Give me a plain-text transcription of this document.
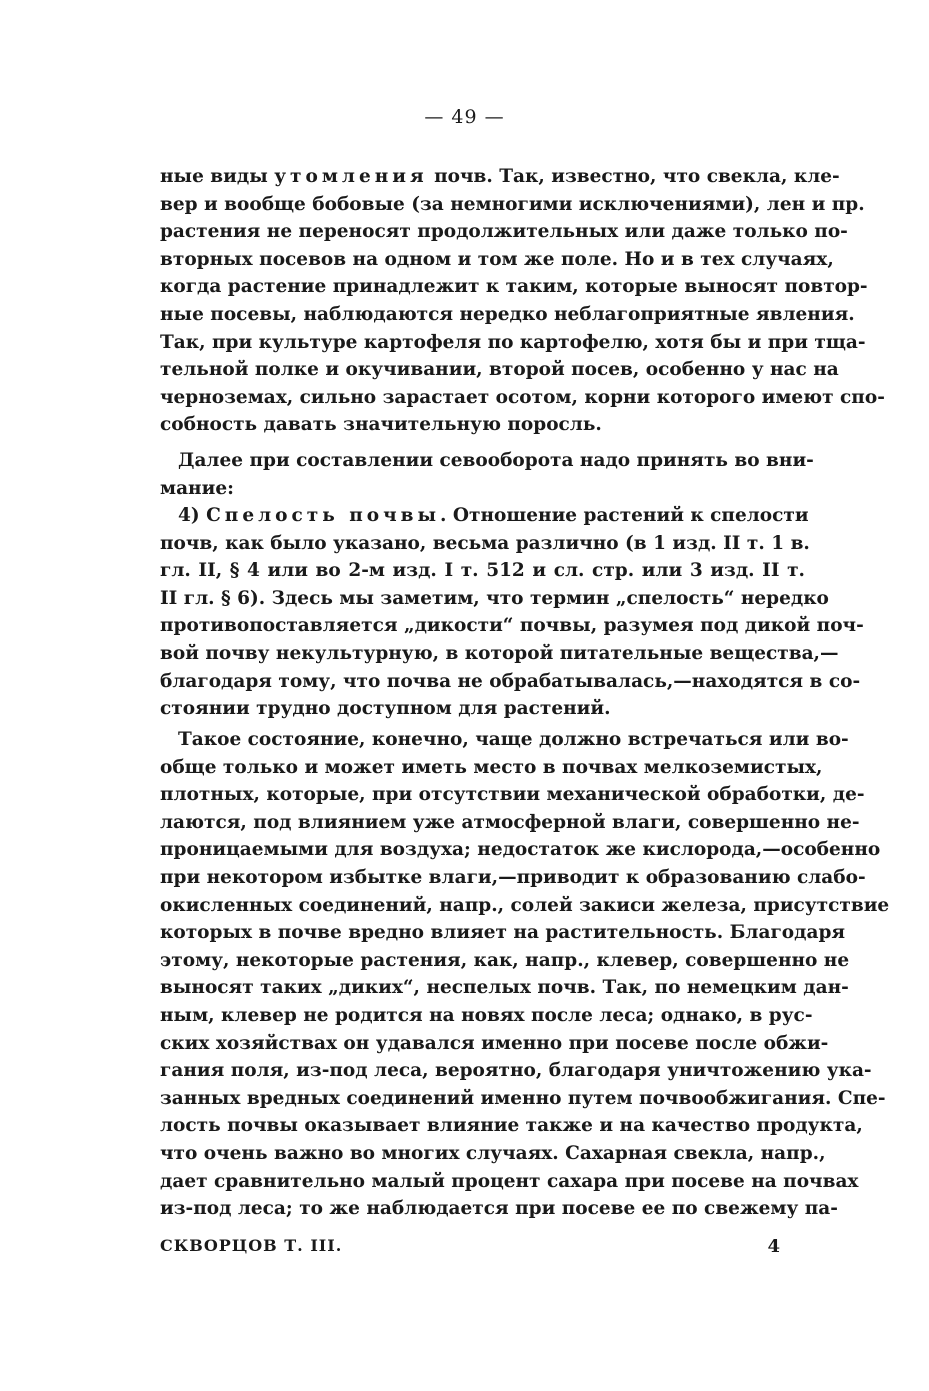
— 49 —
ные виды утомления почв. Так, известно, что свекла, кле-
вер и вообще бобовые (за немногими исключениями), лен и пр.
растения не переносят продолжительных или даже только по-
вторных посевов на одном и том же поле. Но и в тех случаях,
когда растение принадлежит к таким, которые выносят повтор-
ные посевы, наблюдаются нередко неблагоприятные явления.
Так, при культуре картофеля по картофелю, хотя бы и при тща-
тельной полке и окучивании, второй посев, особенно у нас на
черноземах, сильно зарастает осотом, корни которого имеют спо-
собность давать значительную поросль.
Далее при составлении севооборота надо принять во вни-
мание:
4) Спелость почвы. Отношение растений к спелости
почв, как было указано, весьма различно (в 1 изд. II т. 1 в.
гл. II, § 4 или во 2-м изд. I т. 512 и сл. стр. или 3 изд. II т.
II гл. § 6). Здесь мы заметим, что термин „спелость“ нередко
противопоставляется „дикости“ почвы, разумея под дикой поч-
вой почву некультурную, в которой питательные вещества,—
благодаря тому, что почва не обрабатывалась,—находятся в со-
стоянии трудно доступном для растений.
Такое состояние, конечно, чаще должно встречаться или во-
обще только и может иметь место в почвах мелкоземистых,
плотных, которые, при отсутствии механической обработки, де-
лаются, под влиянием уже атмосферной влаги, совершенно не-
проницаемыми для воздуха; недостаток же кислорода,—особенно
при некотором избытке влаги,—приводит к образованию слабо-
окисленных соединений, напр., солей закиси железа, присутствие
которых в почве вредно влияет на растительность. Благодаря
этому, некоторые растения, как, напр., клевер, совершенно не
выносят таких „диких“, неспелых почв. Так, по немецким дан-
ным, клевер не родится на новях после леса; однако, в рус-
ских хозяйствах он удавался именно при посеве после обжи-
гания поля, из-под леса, вероятно, благодаря уничтожению ука-
занных вредных соединений именно путем почвообжигания. Спе-
лость почвы оказывает влияние также и на качество продукта,
что очень важно во многих случаях. Сахарная свекла, напр.,
дает сравнительно малый процент сахара при посеве на почвах
из-под леса; то же наблюдается при посеве ее по свежему па-
СКВОРЦОВ Т. III.	4
